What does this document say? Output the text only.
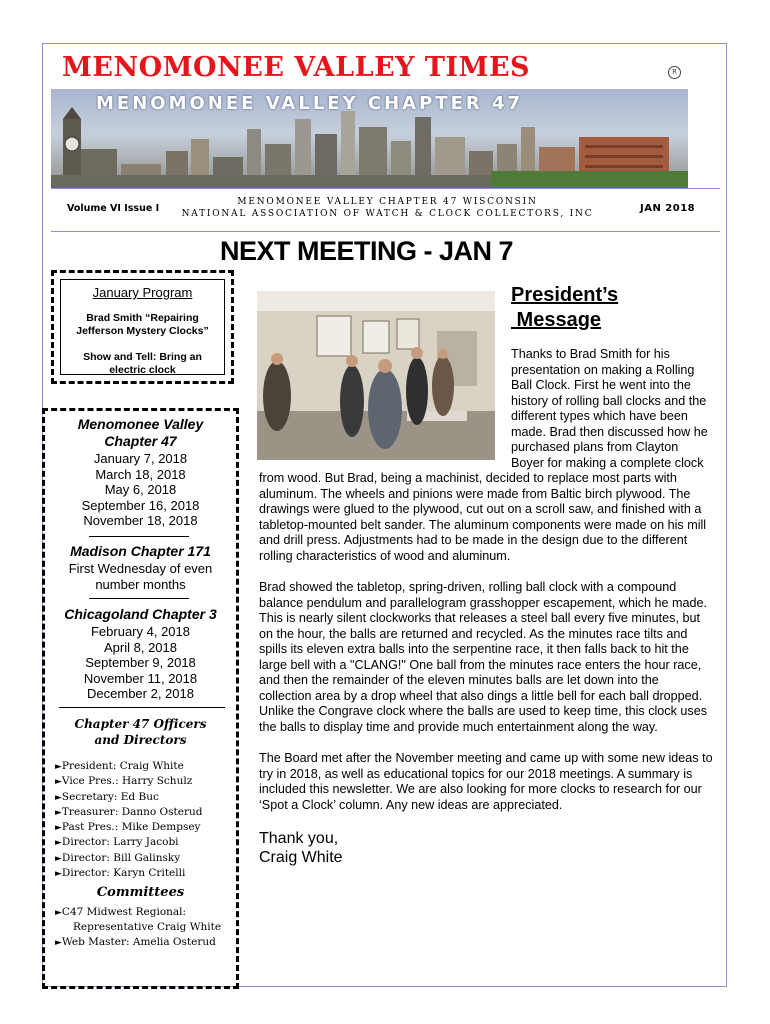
MENOMONEE VALLEY TIMES	R
MENOMONEE VALLEY CHAPTER 47
Volume VI Issue I
MENOMONEE VALLEY CHAPTER 47 WISCONSIN
NATIONAL ASSOCIATION OF WATCH & CLOCK COLLECTORS, INC	JAN 2018
NEXT MEETING - JAN 7
January Program
Brad Smith “Repairing Jefferson Mystery Clocks”
Show and Tell: Bring an electric clock
Menomonee Valley
Chapter 47
January 7, 2018
March 18, 2018
May 6, 2018
September 16, 2018
November 18, 2018
Madison Chapter 171
First Wednesday of even
number months
Chicagoland Chapter 3
February 4, 2018
April 8, 2018
September 9, 2018
November 11, 2018
December 2, 2018
Chapter 47 Officers
and Directors
►President: Craig White
►Vice Pres.: Harry Schulz
►Secretary: Ed Buc
►Treasurer: Danno Osterud
►Past Pres.: Mike Dempsey
►Director: Larry Jacobi
►Director: Bill Galinsky
►Director: Karyn Critelli
Committees
►C47 Midwest Regional:
Representative Craig White
►Web Master: Amelia Osterud
President’s
Message

Thanks to Brad Smith for his presentation on making a Rolling Ball Clock. First he went into the history of rolling ball clocks and the different types which have been made. Brad then discussed how he purchased plans from Clayton Boyer for making a complete clock from wood. But Brad, being a machinist, decided to replace most parts with aluminum. The wheels and pinions were made from Baltic birch plywood. The drawings were glued to the plywood, cut out on a scroll saw, and finished with a tabletop-mounted belt sander. The aluminum components were made on his mill and drill press. Adjustments had to be made in the design due to the different rolling characteristics of wood and aluminum.

Brad showed the tabletop, spring-driven, rolling ball clock with a compound balance pendulum and parallelogram grasshopper escapement, which he made. This is nearly silent clockworks that releases a steel ball every five minutes, but on the hour, the balls are returned and recycled. As the minutes race tilts and spills its eleven extra balls into the serpentine race, it then falls back to hit the large bell with a "CLANG!" One ball from the minutes race enters the hour race, and then the remainder of the eleven minutes balls are let down into the collection area by a drop wheel that also dings a little bell for each ball dropped. Unlike the Congrave clock where the balls are used to keep time, this clock uses the balls to display time and provide much entertainment along the way.

The Board met after the November meeting and came up with some new ideas to try in 2018, as well as educational topics for our 2018 meetings. A summary is included this newsletter. We are also looking for more clocks to research for our ‘Spot a Clock’ column. Any new ideas are appreciated.

Thank you,
Craig White
